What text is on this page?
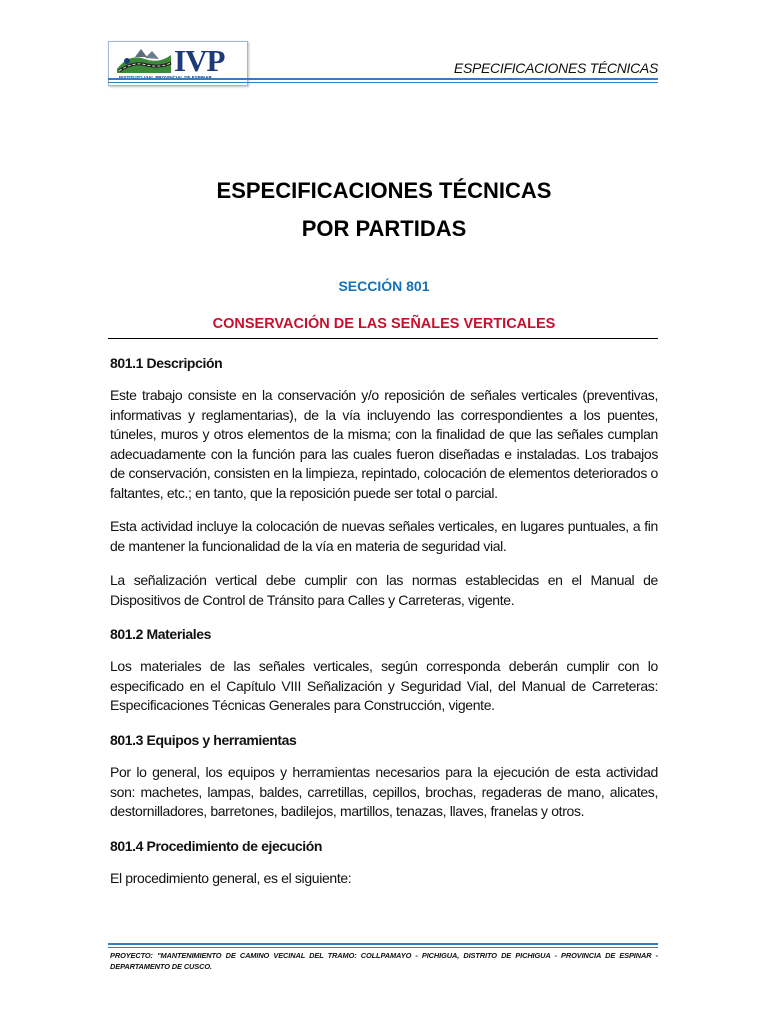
IVP
INSTITUTO VIAL PROVINCIAL DE ESPINAR
ESPECIFICACIONES TÉCNICAS
ESPECIFICACIONES TÉCNICAS
POR PARTIDAS
SECCIÓN 801
CONSERVACIÓN DE LAS SEÑALES VERTICALES
801.1 Descripción
Este trabajo consiste en la conservación y/o reposición de señales verticales (preventivas, informativas y reglamentarias), de la vía incluyendo las correspondientes a los puentes, túneles, muros y otros elementos de la misma; con la finalidad de que las señales cumplan adecuadamente con la función para las cuales fueron diseñadas e instaladas. Los trabajos de conservación, consisten en la limpieza, repintado, colocación de elementos deteriorados o faltantes, etc.; en tanto, que la reposición puede ser total o parcial.
Esta actividad incluye la colocación de nuevas señales verticales, en lugares puntuales, a fin de mantener la funcionalidad de la vía en materia de seguridad vial.
La señalización vertical debe cumplir con las normas establecidas en el Manual de Dispositivos de Control de Tránsito para Calles y Carreteras, vigente.
801.2 Materiales
Los materiales de las señales verticales, según corresponda deberán cumplir con lo especificado en el Capítulo VIII Señalización y Seguridad Vial, del Manual de Carreteras: Especificaciones Técnicas Generales para Construcción, vigente.
801.3 Equipos y herramientas
Por lo general, los equipos y herramientas necesarios para la ejecución de esta actividad son: machetes, lampas, baldes, carretillas, cepillos, brochas, regaderas de mano, alicates, destornilladores, barretones, badilejos, martillos, tenazas, llaves, franelas y otros.
801.4 Procedimiento de ejecución
El procedimiento general, es el siguiente:
PROYECTO: "MANTENIMIENTO DE CAMINO VECINAL DEL TRAMO: COLLPAMAYO - PICHIGUA, DISTRITO DE PICHIGUA - PROVINCIA DE ESPINAR - DEPARTAMENTO DE CUSCO.
